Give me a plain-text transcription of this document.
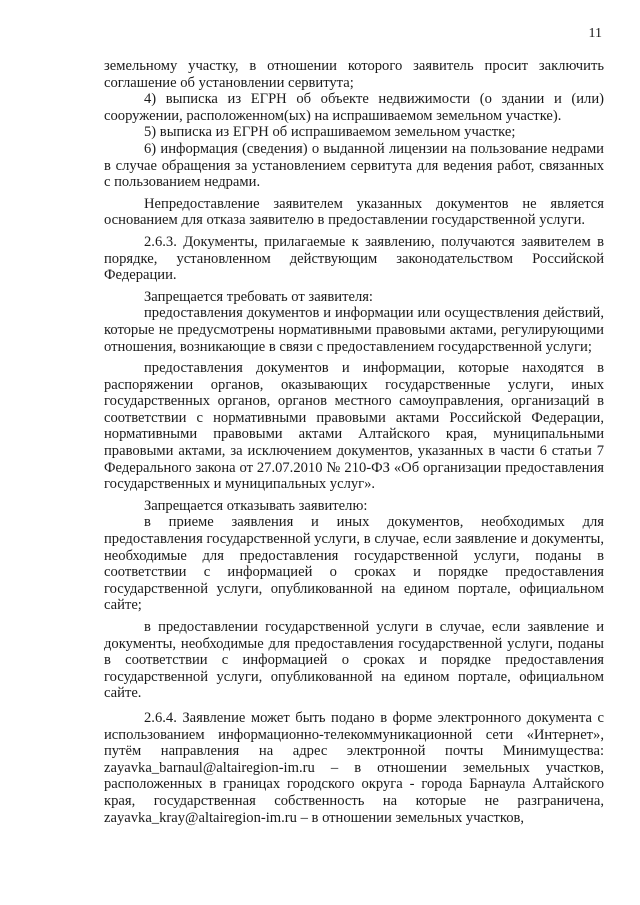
11

земельному участку, в отношении которого заявитель просит заключить соглашение об установлении сервитута;

4) выписка из ЕГРН об объекте недвижимости (о здании и (или) сооружении, расположенном(ых) на испрашиваемом земельном участке).

5) выписка из ЕГРН об испрашиваемом земельном участке;

6) информация (сведения) о выданной лицензии на пользование недрами в случае обращения за установлением сервитута для ведения работ, связанных с пользованием недрами.

Непредоставление заявителем указанных документов не является основанием для отказа заявителю в предоставлении государственной услуги.

2.6.3. Документы, прилагаемые к заявлению, получаются заявителем в порядке, установленном действующим законодательством Российской Федерации.

Запрещается требовать от заявителя:

предоставления документов и информации или осуществления действий, которые не предусмотрены нормативными правовыми актами, регулирующими отношения, возникающие в связи с предоставлением государственной услуги;

предоставления документов и информации, которые находятся в распоряжении органов, оказывающих государственные услуги, иных государственных органов, органов местного самоуправления, организаций в соответствии с нормативными правовыми актами Российской Федерации, нормативными правовыми актами Алтайского края, муниципальными правовыми актами, за исключением документов, указанных в части 6 статьи 7 Федерального закона от 27.07.2010 № 210-ФЗ «Об организации предоставления государственных и муниципальных услуг».

Запрещается отказывать заявителю:

в приеме заявления и иных документов, необходимых для предоставления государственной услуги, в случае, если заявление и документы, необходимые для предоставления государственной услуги, поданы в соответствии с информацией о сроках и порядке предоставления государственной услуги, опубликованной на едином портале, официальном сайте;

в предоставлении государственной услуги в случае, если заявление и документы, необходимые для предоставления государственной услуги, поданы в соответствии с информацией о сроках и порядке предоставления государственной услуги, опубликованной на едином портале, официальном сайте.

2.6.4. Заявление может быть подано в форме электронного документа с использованием информационно-телекоммуникационной сети «Интернет», путём направления на адрес электронной почты Минимущества: zayavka_barnaul@altairegion-im.ru – в отношении земельных участков, расположенных в границах городского округа - города Барнаула Алтайского края, государственная собственность на которые не разграничена, zayavka_kray@altairegion-im.ru – в отношении земельных участков,
